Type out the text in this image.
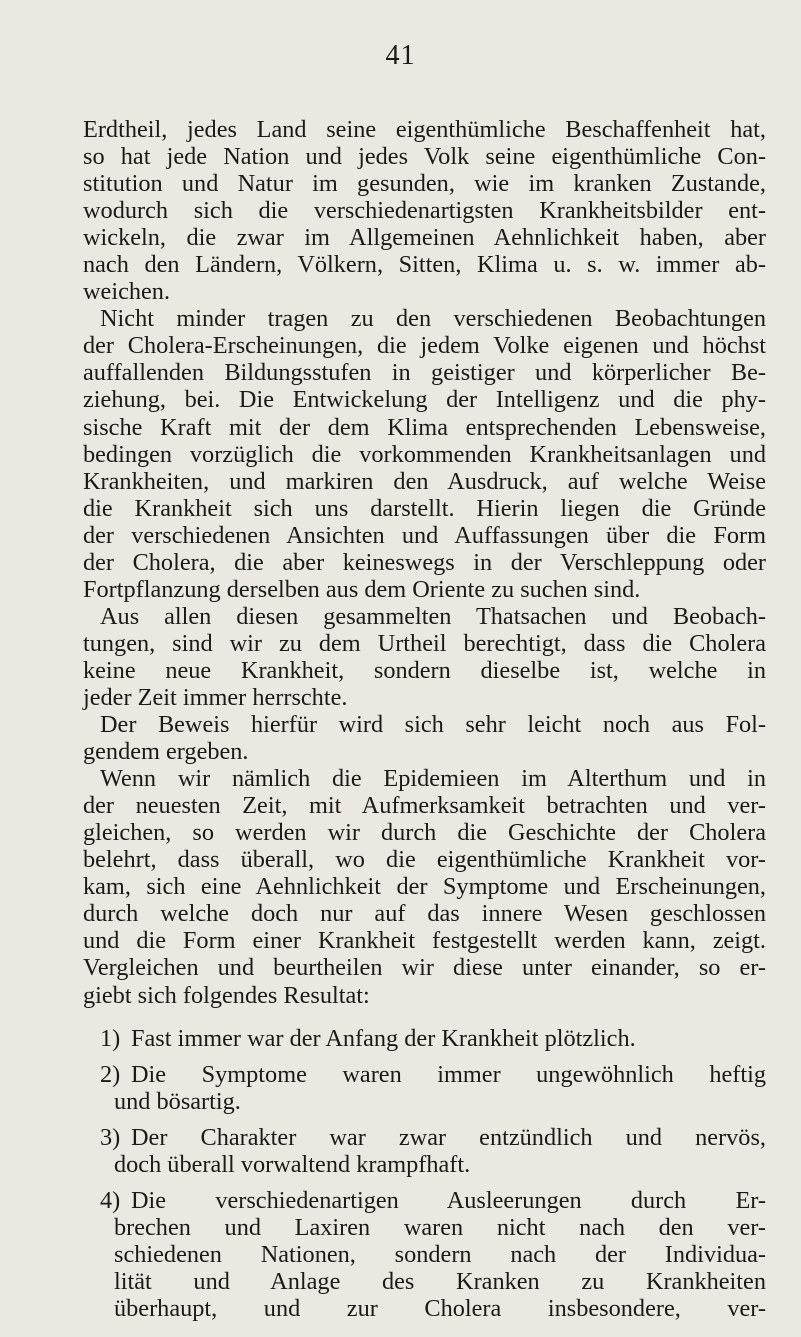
41
Erdtheil, jedes Land seine eigenthümliche Beschaffenheit hat,
so hat jede Nation und jedes Volk seine eigenthümliche Con-
stitution und Natur im gesunden, wie im kranken Zustande,
wodurch sich die verschiedenartigsten Krankheitsbilder ent-
wickeln, die zwar im Allgemeinen Aehnlichkeit haben, aber
nach den Ländern, Völkern, Sitten, Klima u. s. w. immer ab-
weichen.
Nicht minder tragen zu den verschiedenen Beobachtungen
der Cholera-Erscheinungen, die jedem Volke eigenen und höchst
auffallenden Bildungsstufen in geistiger und körperlicher Be-
ziehung, bei. Die Entwickelung der Intelligenz und die phy-
sische Kraft mit der dem Klima entsprechenden Lebensweise,
bedingen vorzüglich die vorkommenden Krankheitsanlagen und
Krankheiten, und markiren den Ausdruck, auf welche Weise
die Krankheit sich uns darstellt. Hierin liegen die Gründe
der verschiedenen Ansichten und Auffassungen über die Form
der Cholera, die aber keineswegs in der Verschleppung oder
Fortpflanzung derselben aus dem Oriente zu suchen sind.
Aus allen diesen gesammelten Thatsachen und Beobach-
tungen, sind wir zu dem Urtheil berechtigt, dass die Cholera
keine neue Krankheit, sondern dieselbe ist, welche in
jeder Zeit immer herrschte.
Der Beweis hierfür wird sich sehr leicht noch aus Fol-
gendem ergeben.
Wenn wir nämlich die Epidemieen im Alterthum und in
der neuesten Zeit, mit Aufmerksamkeit betrachten und ver-
gleichen, so werden wir durch die Geschichte der Cholera
belehrt, dass überall, wo die eigenthümliche Krankheit vor-
kam, sich eine Aehnlichkeit der Symptome und Erscheinungen,
durch welche doch nur auf das innere Wesen geschlossen
und die Form einer Krankheit festgestellt werden kann, zeigt.
Vergleichen und beurtheilen wir diese unter einander, so er-
giebt sich folgendes Resultat:
1) Fast immer war der Anfang der Krankheit plötzlich.
2) Die Symptome waren immer ungewöhnlich heftig
und bösartig.
3) Der Charakter war zwar entzündlich und nervös,
doch überall vorwaltend krampfhaft.
4) Die verschiedenartigen Ausleerungen durch Er-
brechen und Laxiren waren nicht nach den ver-
schiedenen Nationen, sondern nach der Individua-
lität und Anlage des Kranken zu Krankheiten
überhaupt, und zur Cholera insbesondere, ver-
